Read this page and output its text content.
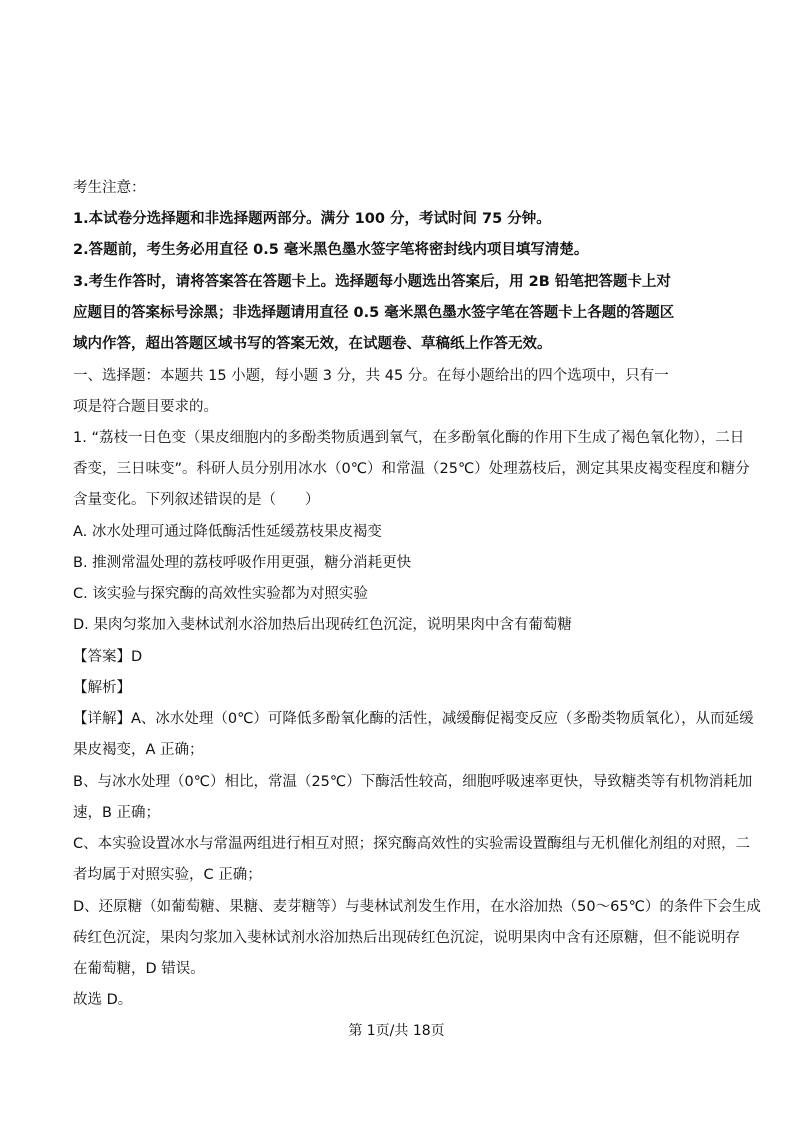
考生注意：
1.本试卷分选择题和非选择题两部分。满分 100 分，考试时间 75 分钟。
2.答题前，考生务必用直径 0.5 毫米黑色墨水签字笔将密封线内项目填写清楚。
3.考生作答时，请将答案答在答题卡上。选择题每小题选出答案后，用 2B 铅笔把答题卡上对
应题目的答案标号涂黑；非选择题请用直径 0.5 毫米黑色墨水签字笔在答题卡上各题的答题区
域内作答，超出答题区域书写的答案无效，在试题卷、草稿纸上作答无效。
一、选择题：本题共 15 小题，每小题 3 分，共 45 分。在每小题给出的四个选项中，只有一
项是符合题目要求的。
1. “荔枝一日色变（果皮细胞内的多酚类物质遇到氧气，在多酚氧化酶的作用下生成了褐色氧化物），二日
香变，三日味变”。科研人员分别用冰水（0℃）和常温（25℃）处理荔枝后，测定其果皮褐变程度和糖分
含量变化。下列叙述错误的是（　　）
A. 冰水处理可通过降低酶活性延缓荔枝果皮褐变
B. 推测常温处理的荔枝呼吸作用更强，糖分消耗更快
C. 该实验与探究酶的高效性实验都为对照实验
D. 果肉匀浆加入斐林试剂水浴加热后出现砖红色沉淀，说明果肉中含有葡萄糖
【答案】D
【解析】
【详解】A、冰水处理（0℃）可降低多酚氧化酶的活性，减缓酶促褐变反应（多酚类物质氧化），从而延缓
果皮褐变，A 正确；
B、与冰水处理（0℃）相比，常温（25℃）下酶活性较高，细胞呼吸速率更快，导致糖类等有机物消耗加
速，B 正确；
C、本实验设置冰水与常温两组进行相互对照；探究酶高效性的实验需设置酶组与无机催化剂组的对照，二
者均属于对照实验，C 正确；
D、还原糖（如葡萄糖、果糖、麦芽糖等）与斐林试剂发生作用，在水浴加热（50～65℃）的条件下会生成
砖红色沉淀，果肉匀浆加入斐林试剂水浴加热后出现砖红色沉淀，说明果肉中含有还原糖，但不能说明存
在葡萄糖，D 错误。
故选 D。
第 1页/共 18页
